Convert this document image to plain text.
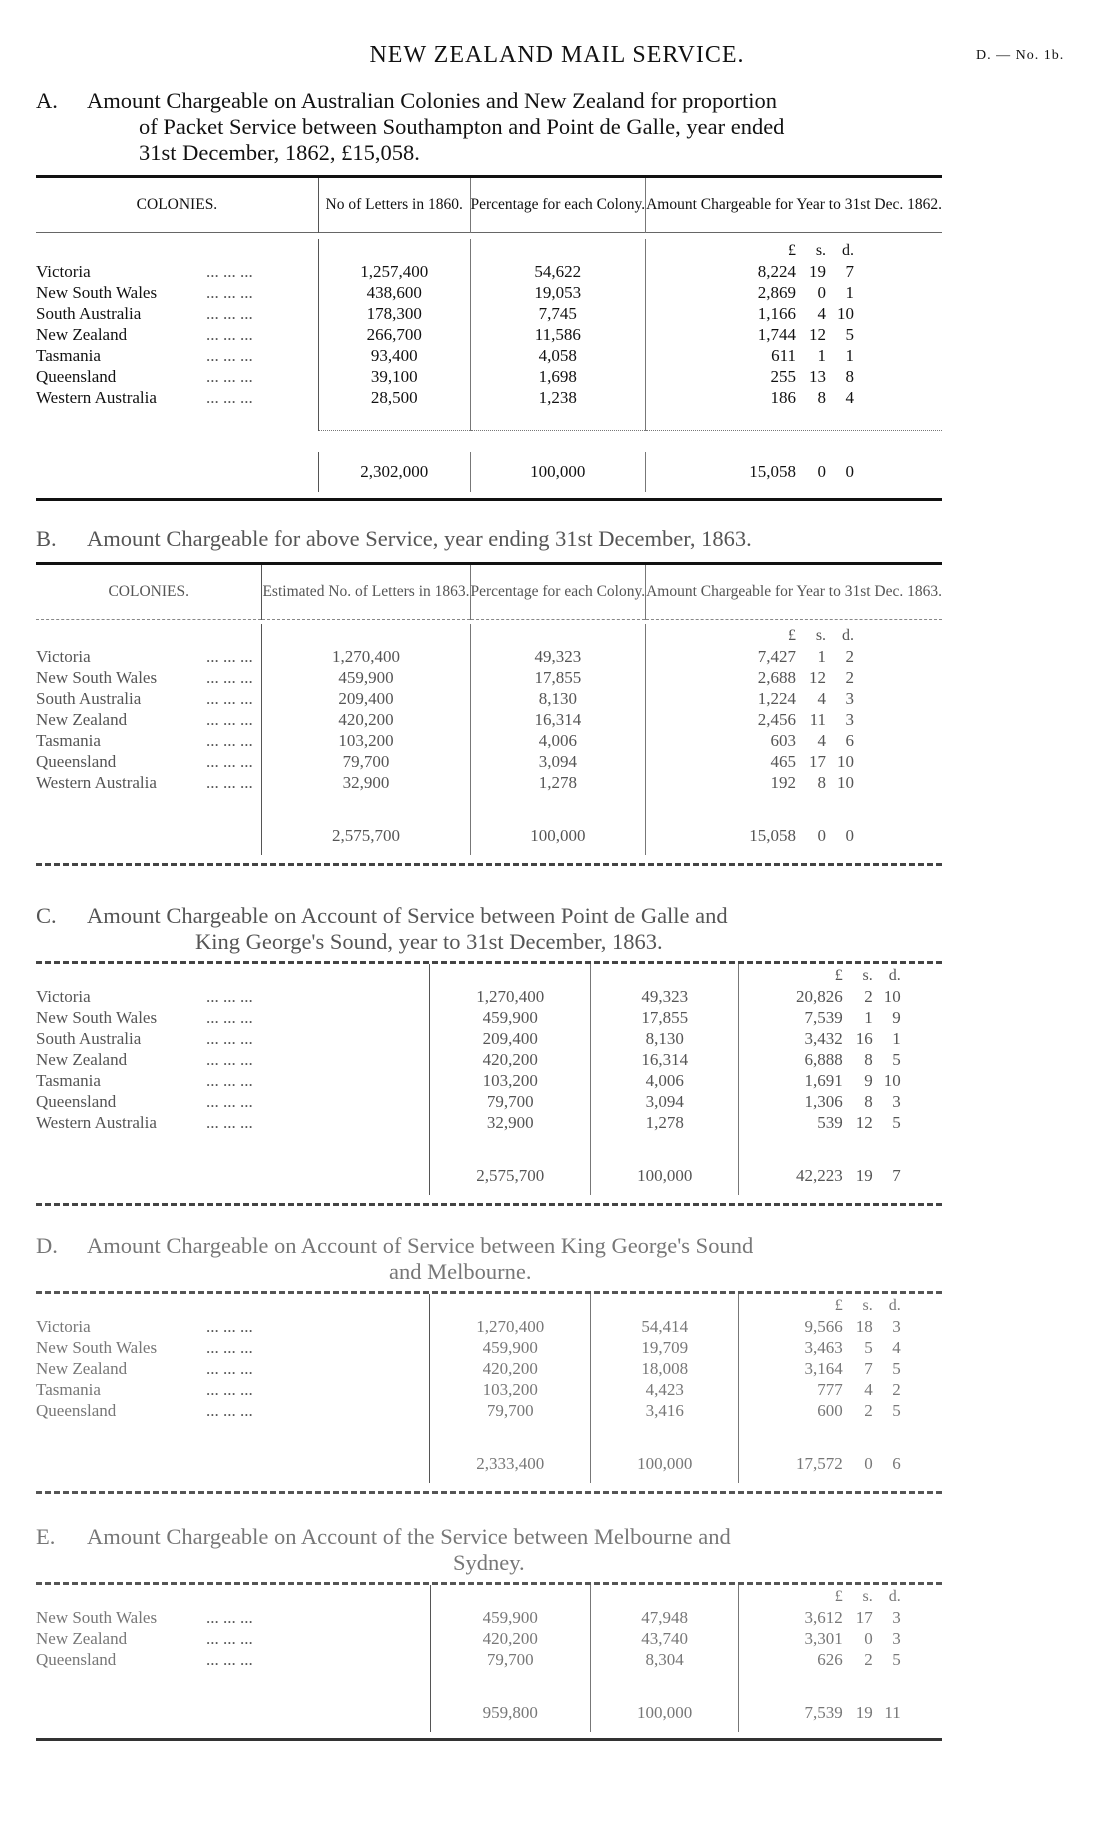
NEW ZEALAND MAIL SERVICE.	D. — No. 1b.
A. Amount Chargeable on Australian Colonies and New Zealand for proportion
of Packet Service between Southampton and Point de Galle, year ended
31st December, 1862, £15,058.
COLONIES.	No of Letters in 1860.	Percentage for each Colony.	Amount Chargeable for Year to 31st Dec. 1862.

			£ s. d.
Victoria ... ... ...	1,257,400	54,622	8,224 19 7
New South Wales ... ... ...	438,600	19,053	2,869 0 1
South Australia ... ... ...	178,300	7,745	1,166 4 10
New Zealand ... ... ...	266,700	11,586	1,744 12 5
Tasmania ... ... ...	93,400	4,058	611 1 1
Queensland ... ... ...	39,100	1,698	255 13 8
Western Australia ... ... ...	28,500	1,238	186 8 4

	2,302,000	100,000	15,058 0 0
B. Amount Chargeable for above Service, year ending 31st December, 1863.
COLONIES.	Estimated No. of Letters in 1863.	Percentage for each Colony.	Amount Chargeable for Year to 31st Dec. 1863.

			£ s. d.
Victoria ... ... ...	1,270,400	49,323	7,427 1 2
New South Wales ... ... ...	459,900	17,855	2,688 12 2
South Australia ... ... ...	209,400	8,130	1,224 4 3
New Zealand ... ... ...	420,200	16,314	2,456 11 3
Tasmania ... ... ...	103,200	4,006	603 4 6
Queensland ... ... ...	79,700	3,094	465 17 10
Western Australia ... ... ...	32,900	1,278	192 8 10

	2,575,700	100,000	15,058 0 0
C. Amount Chargeable on Account of Service between Point de Galle and
King George's Sound, year to 31st December, 1863.
			£ s. d.
Victoria ... ... ...	1,270,400	49,323	20,826 2 10
New South Wales ... ... ...	459,900	17,855	7,539 1 9
South Australia ... ... ...	209,400	8,130	3,432 16 1
New Zealand ... ... ...	420,200	16,314	6,888 8 5
Tasmania ... ... ...	103,200	4,006	1,691 9 10
Queensland ... ... ...	79,700	3,094	1,306 8 3
Western Australia ... ... ...	32,900	1,278	539 12 5

	2,575,700	100,000	42,223 19 7
D. Amount Chargeable on Account of Service between King George's Sound
and Melbourne.
			£ s. d.
Victoria ... ... ...	1,270,400	54,414	9,566 18 3
New South Wales ... ... ...	459,900	19,709	3,463 5 4
New Zealand ... ... ...	420,200	18,008	3,164 7 5
Tasmania ... ... ...	103,200	4,423	777 4 2
Queensland ... ... ...	79,700	3,416	600 2 5

	2,333,400	100,000	17,572 0 6
E. Amount Chargeable on Account of the Service between Melbourne and
Sydney.
			£ s. d.
New South Wales ... ... ...	459,900	47,948	3,612 17 3
New Zealand ... ... ...	420,200	43,740	3,301 0 3
Queensland ... ... ...	79,700	8,304	626 2 5

	959,800	100,000	7,539 19 11
